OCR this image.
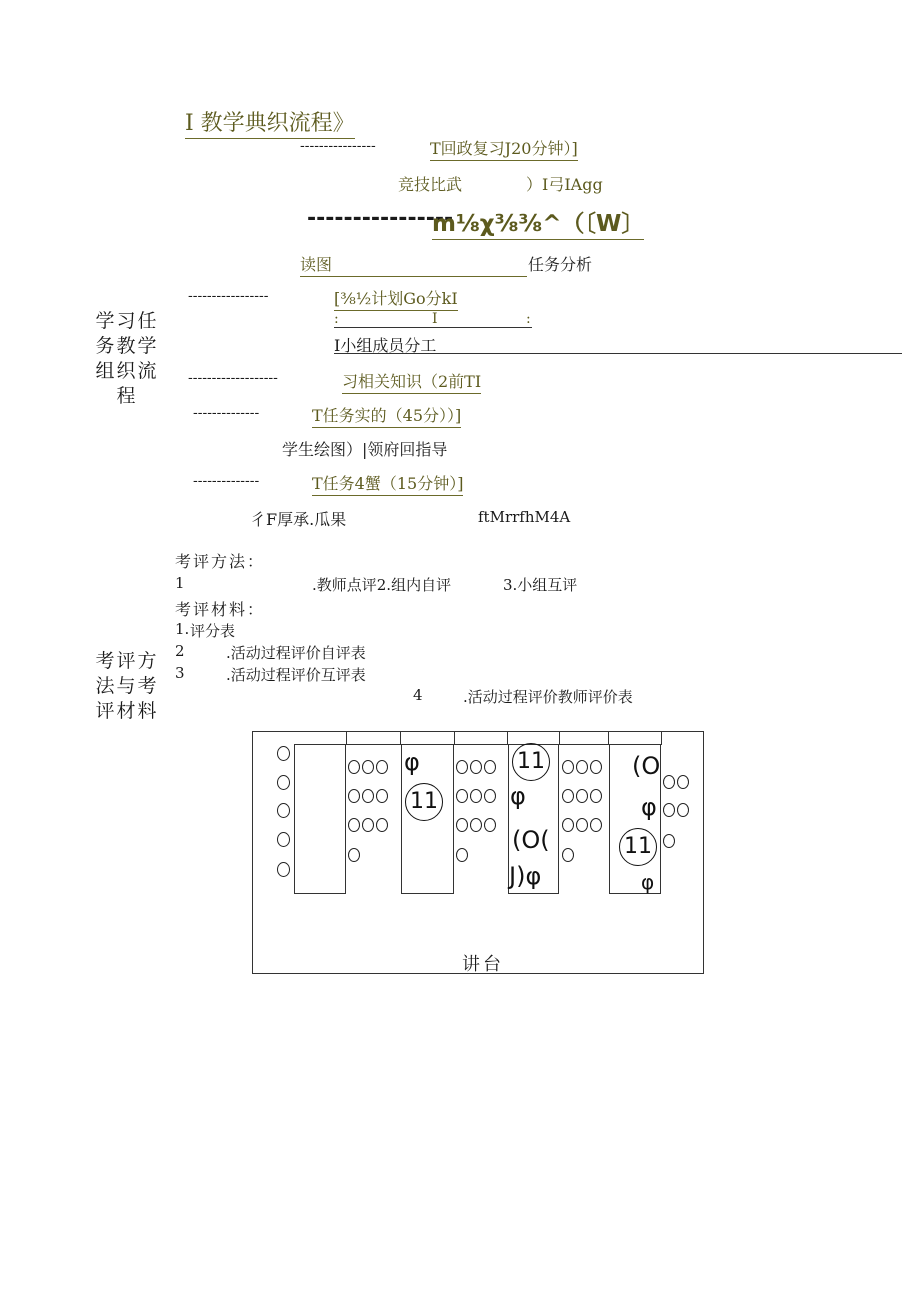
I 教学典织流程》
----------------	T回政复习J20分钟）]
竞技比武	）I弓IAgg
----------------
m⅛χ⅜⅜^（〔W〕
读图	任务分析
-----------------	[⅜½计划Go分kI
:	I	:
I小组成员分工
-------------------	习相关知识（2前TI
--------------	T任务实的（45分））]
学生绘图）|领府回指导
--------------	T任务4蟹（15分钟）]
彳F厚承.瓜果	ftMrrfhM4A
学习任务教学组织流程
考评方法与考评材料
考评方法：
1	.教师点评2.组内自评	3.小组互评
考评材料：
1. 评分表
2	.活动过程评价自评表
3	.活动过程评价互评表
4	.活动过程评价教师评价表
φ
11
11
φ
(O(
J)φ
(O
φ
11
φ
讲台
